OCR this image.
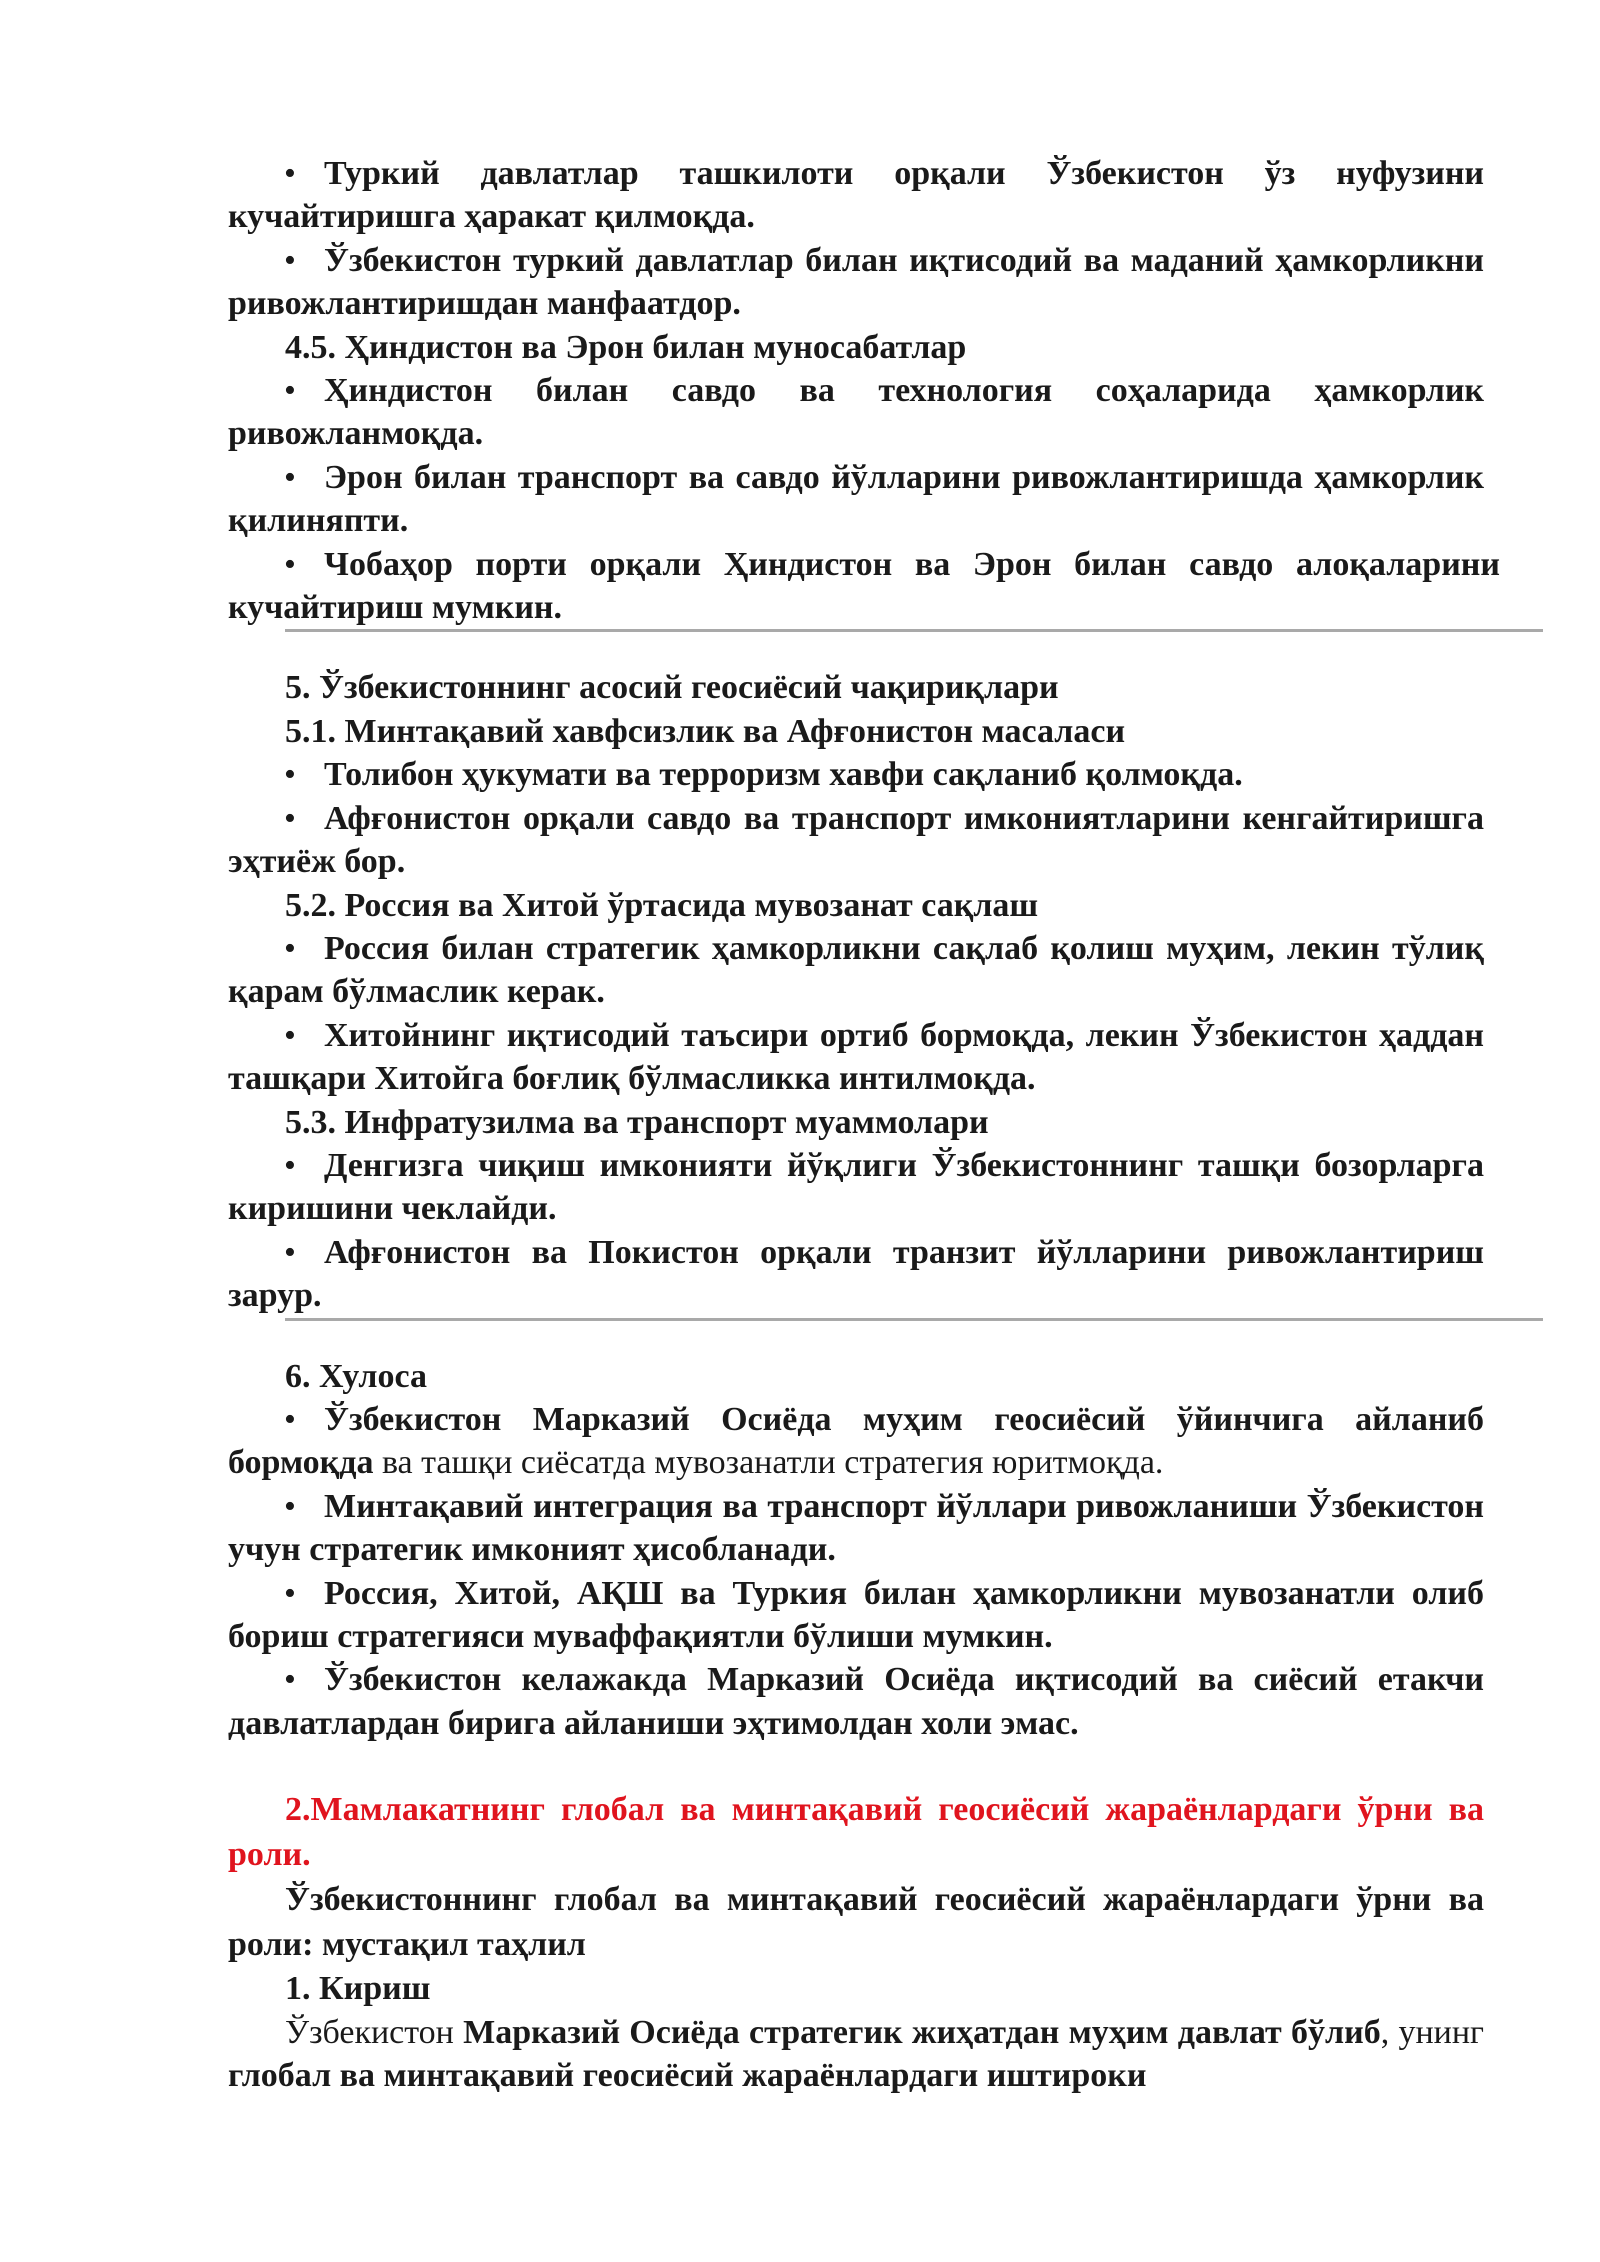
• Туркий давлатлар ташкилоти орқали Ўзбекистон ўз нуфузини кучайтиришга ҳаракат қилмоқда.

• Ўзбекистон туркий давлатлар билан иқтисодий ва маданий ҳамкорликни ривожлантиришдан манфаатдор.

4.5. Ҳиндистон ва Эрон билан муносабатлар

• Ҳиндистон билан савдо ва технология соҳаларида ҳамкорлик ривожланмоқда.

• Эрон билан транспорт ва савдо йўлларини ривожлантиришда ҳамкорлик қилиняпти.

• Чобаҳор порти орқали Ҳиндистон ва Эрон билан савдо алоқаларини кучайтириш мумкин.

5. Ўзбекистоннинг асосий геосиёсий чақириқлари

5.1. Минтақавий хавфсизлик ва Афғонистон масаласи

• Толибон ҳукумати ва терроризм хавфи сақланиб қолмоқда.

• Афғонистон орқали савдо ва транспорт имкониятларини кенгайтиришга эҳтиёж бор.

5.2. Россия ва Хитой ўртасида мувозанат сақлаш

• Россия билан стратегик ҳамкорликни сақлаб қолиш муҳим, лекин тўлиқ қарам бўлмаслик керак.

• Хитойнинг иқтисодий таъсири ортиб бормоқда, лекин Ўзбекистон ҳаддан ташқари Хитойга боғлиқ бўлмасликка интилмоқда.

5.3. Инфратузилма ва транспорт муаммолари

• Денгизга чиқиш имконияти йўқлиги Ўзбекистоннинг ташқи бозорларга киришини чеклайди.

• Афғонистон ва Покистон орқали транзит йўлларини ривожлантириш зарур.

6. Хулоса

• Ўзбекистон Марказий Осиёда муҳим геосиёсий ўйинчига айланиб бормоқда ва ташқи сиёсатда мувозанатли стратегия юритмоқда.

• Минтақавий интеграция ва транспорт йўллари ривожланиши Ўзбекистон учун стратегик имконият ҳисобланади.

• Россия, Хитой, АҚШ ва Туркия билан ҳамкорликни мувозанатли олиб бориш стратегияси муваффақиятли бўлиши мумкин.

• Ўзбекистон келажакда Марказий Осиёда иқтисодий ва сиёсий етакчи давлатлардан бирига айланиши эҳтимолдан холи эмас.

2.Мамлакатнинг глобал ва минтақавий геосиёсий жараёнлардаги ўрни ва роли.

Ўзбекистоннинг глобал ва минтақавий геосиёсий жараёнлардаги ўрни ва роли: мустақил таҳлил

1. Кириш

Ўзбекистон Марказий Осиёда стратегик жиҳатдан муҳим давлат бўлиб, унинг глобал ва минтақавий геосиёсий жараёнлардаги иштироки
